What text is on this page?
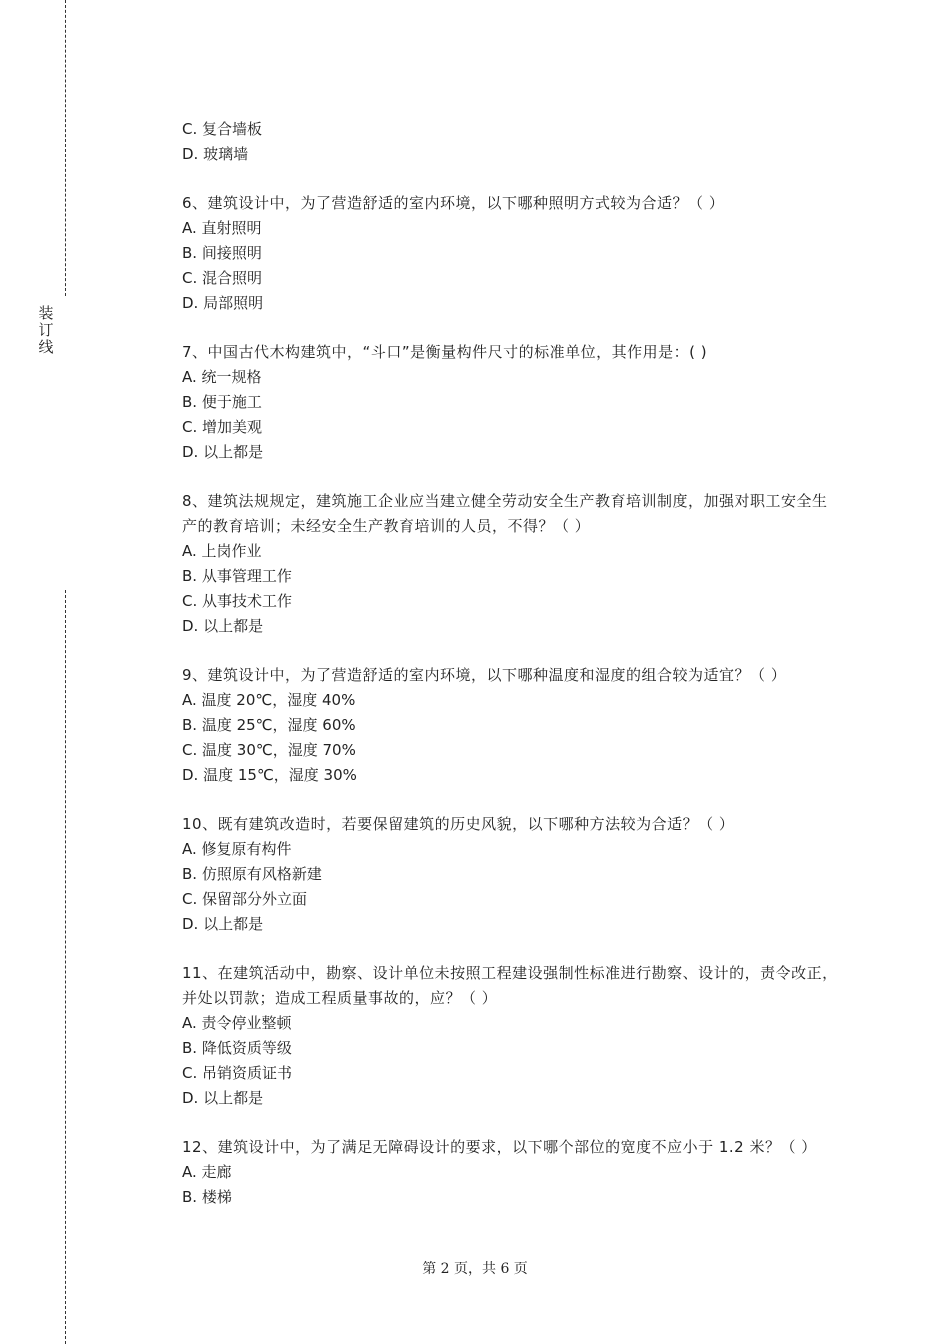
装
订
线
C. 复合墙板
D. 玻璃墙
6、建筑设计中，为了营造舒适的室内环境，以下哪种照明方式较为合适？（ ）
A. 直射照明
B. 间接照明
C. 混合照明
D. 局部照明
7、中国古代木构建筑中，“斗口”是衡量构件尺寸的标准单位，其作用是：( )
A. 统一规格
B. 便于施工
C. 增加美观
D. 以上都是
8、建筑法规规定，建筑施工企业应当建立健全劳动安全生产教育培训制度，加强对职工安全生产的教育培训；未经安全生产教育培训的人员，不得？（ ）
A. 上岗作业
B. 从事管理工作
C. 从事技术工作
D. 以上都是
9、建筑设计中，为了营造舒适的室内环境，以下哪种温度和湿度的组合较为适宜？（ ）
A. 温度 20℃，湿度 40%
B. 温度 25℃，湿度 60%
C. 温度 30℃，湿度 70%
D. 温度 15℃，湿度 30%
10、既有建筑改造时，若要保留建筑的历史风貌，以下哪种方法较为合适？（ ）
A. 修复原有构件
B. 仿照原有风格新建
C. 保留部分外立面
D. 以上都是
11、在建筑活动中，勘察、设计单位未按照工程建设强制性标准进行勘察、设计的，责令改正，并处以罚款；造成工程质量事故的，应？（ ）
A. 责令停业整顿
B. 降低资质等级
C. 吊销资质证书
D. 以上都是
12、建筑设计中，为了满足无障碍设计的要求，以下哪个部位的宽度不应小于 1.2 米？（ ）
A. 走廊
B. 楼梯
第 2 页，共 6 页
